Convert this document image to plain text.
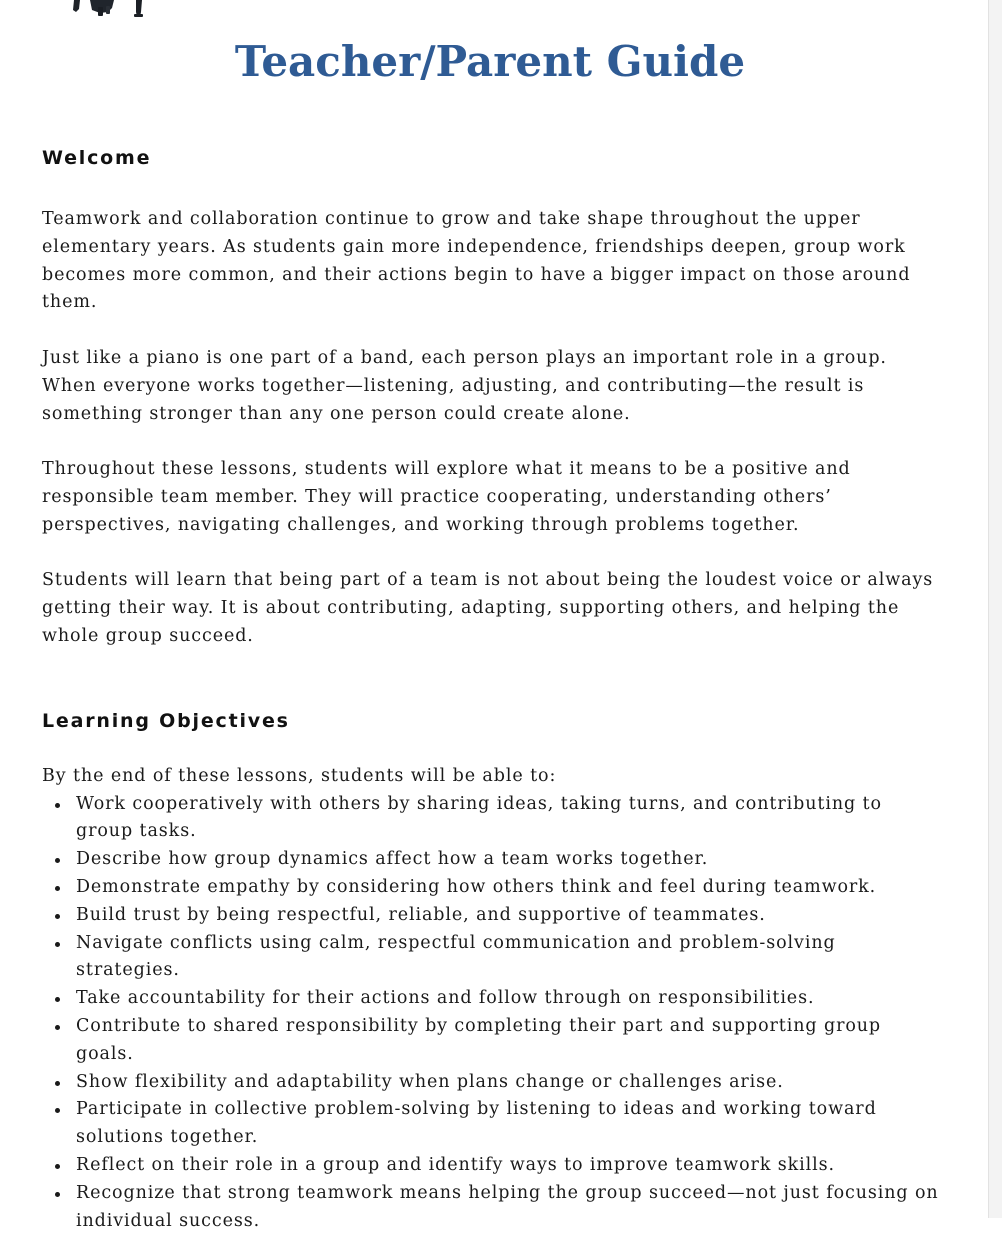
Teacher/Parent Guide
Welcome

Teamwork and collaboration continue to grow and take shape throughout the upper elementary years. As students gain more independence, friendships deepen, group work becomes more common, and their actions begin to have a bigger impact on those around them.

Just like a piano is one part of a band, each person plays an important role in a group. When everyone works together—listening, adjusting, and contributing—the result is something stronger than any one person could create alone.

Throughout these lessons, students will explore what it means to be a positive and responsible team member. They will practice cooperating, understanding others’ perspectives, navigating challenges, and working through problems together.

Students will learn that being part of a team is not about being the loudest voice or always getting their way. It is about contributing, adapting, supporting others, and helping the whole group succeed.

Learning Objectives

By the end of these lessons, students will be able to:

Work cooperatively with others by sharing ideas, taking turns, and contributing to group tasks.
Describe how group dynamics affect how a team works together.
Demonstrate empathy by considering how others think and feel during teamwork.
Build trust by being respectful, reliable, and supportive of teammates.
Navigate conflicts using calm, respectful communication and problem-solving strategies.
Take accountability for their actions and follow through on responsibilities.
Contribute to shared responsibility by completing their part and supporting group goals.
Show flexibility and adaptability when plans change or challenges arise.
Participate in collective problem-solving by listening to ideas and working toward solutions together.
Reflect on their role in a group and identify ways to improve teamwork skills.
Recognize that strong teamwork means helping the group succeed—not just focusing on individual success.
